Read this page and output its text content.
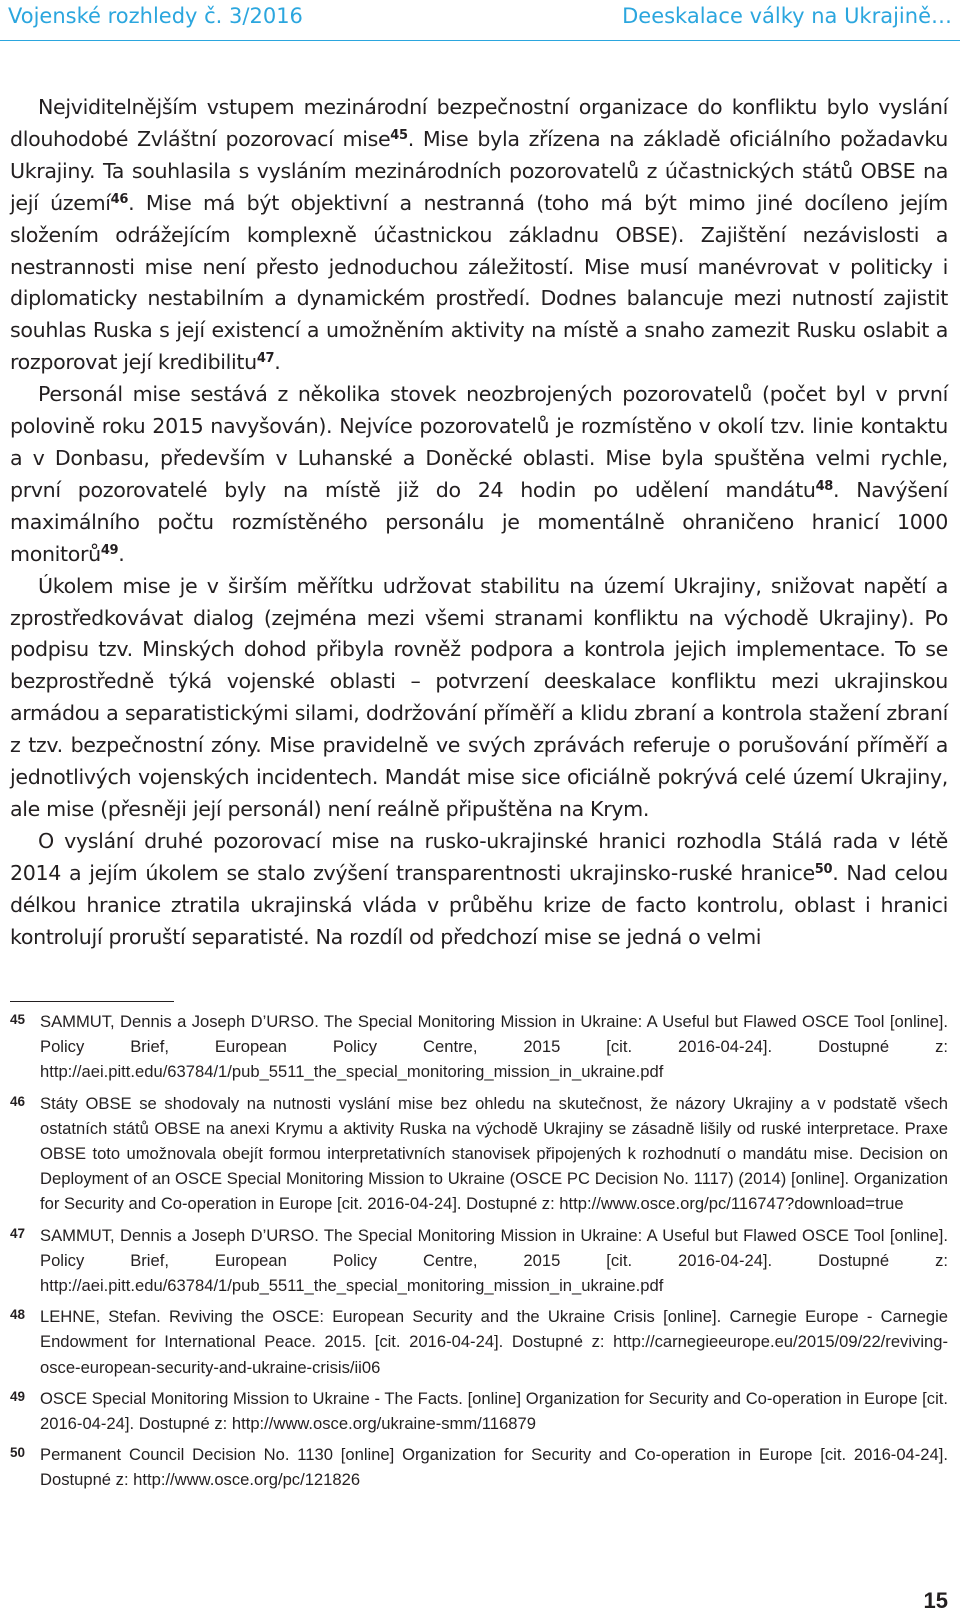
Vojenské rozhledy č. 3/2016	Deeskalace války na Ukrajině…

Nejviditelnějším vstupem mezinárodní bezpečnostní organizace do konfliktu bylo vyslání dlouhodobé Zvláštní pozorovací mise$^{45}$. Mise byla zřízena na základě oficiálního požadavku Ukrajiny. Ta souhlasila s vysláním mezinárodních pozorovatelů z účastnických států OBSE na její území$^{46}$. Mise má být objektivní a nestranná (toho má být mimo jiné docíleno jejím složením odrážejícím komplexně účastnickou základnu OBSE). Zajištění nezávislosti a nestrannosti mise není přesto jednoduchou záležitostí. Mise musí manévrovat v politicky i diplomaticky nestabilním a dynamickém prostředí. Dodnes balancuje mezi nutností zajistit souhlas Ruska s její existencí a umožněním aktivity na místě a snaho zamezit Rusku oslabit a rozporovat její kredibilitu$^{47}$.

Personál mise sestává z několika stovek neozbrojených pozorovatelů (počet byl v první polovině roku 2015 navyšován). Nejvíce pozorovatelů je rozmístěno v okolí tzv. linie kontaktu a v Donbasu, především v Luhanské a Doněcké oblasti. Mise byla spuštěna velmi rychle, první pozorovatelé byly na místě již do 24 hodin po udělení mandátu$^{48}$. Navýšení maximálního počtu rozmístěného personálu je momentálně ohraničeno hranicí 1000 monitorů$^{49}$.

Úkolem mise je v širším měřítku udržovat stabilitu na území Ukrajiny, snižovat napětí a zprostředkovávat dialog (zejména mezi všemi stranami konfliktu na východě Ukrajiny). Po podpisu tzv. Minských dohod přibyla rovněž podpora a kontrola jejich implementace. To se bezprostředně týká vojenské oblasti – potvrzení deeskalace konfliktu mezi ukrajinskou armádou a separatistickými silami, dodržování příměří a klidu zbraní a kontrola stažení zbraní z tzv. bezpečnostní zóny. Mise pravidelně ve svých zprávách referuje o porušování příměří a jednotlivých vojenských incidentech. Mandát mise sice oficiálně pokrývá celé území Ukrajiny, ale mise (přesněji její personál) není reálně připuštěna na Krym.

O vyslání druhé pozorovací mise na rusko-ukrajinské hranici rozhodla Stálá rada v létě 2014 a jejím úkolem se stalo zvýšení transparentnosti ukrajinsko-ruské hranice$^{50}$. Nad celou délkou hranice ztratila ukrajinská vláda v průběhu krize de facto kontrolu, oblast i hranici kontrolují proruští separatisté. Na rozdíl od předchozí mise se jedná o velmi

45 SAMMUT, Dennis a Joseph D’URSO. The Special Monitoring Mission in Ukraine: A Useful but Flawed OSCE Tool [online]. Policy Brief, European Policy Centre, 2015 [cit. 2016-04-24]. Dostupné z: http://aei.pitt.edu/63784/1/pub_5511_the_special_monitoring_mission_in_ukraine.pdf
46 Státy OBSE se shodovaly na nutnosti vyslání mise bez ohledu na skutečnost, že názory Ukrajiny a v podstatě všech ostatních států OBSE na anexi Krymu a aktivity Ruska na východě Ukrajiny se zásadně lišily od ruské interpretace. Praxe OBSE toto umožnovala obejít formou interpretativních stanovisek připojených k rozhodnutí o mandátu mise. Decision on Deployment of an OSCE Special Monitoring Mission to Ukraine (OSCE PC Decision No. 1117) (2014) [online]. Organization for Security and Co-operation in Europe [cit. 2016-04-24]. Dostupné z: http://www.osce.org/pc/116747?download=true
47 SAMMUT, Dennis a Joseph D’URSO. The Special Monitoring Mission in Ukraine: A Useful but Flawed OSCE Tool [online]. Policy Brief, European Policy Centre, 2015 [cit. 2016-04-24]. Dostupné z: http://aei.pitt.edu/63784/1/pub_5511_the_special_monitoring_mission_in_ukraine.pdf
48 LEHNE, Stefan. Reviving the OSCE: European Security and the Ukraine Crisis [online]. Carnegie Europe - Carnegie Endowment for International Peace. 2015. [cit. 2016-04-24]. Dostupné z: http://carnegieeurope.eu/2015/09/22/reviving-osce-european-security-and-ukraine-crisis/ii06
49 OSCE Special Monitoring Mission to Ukraine - The Facts. [online] Organization for Security and Co-operation in Europe [cit. 2016-04-24]. Dostupné z: http://www.osce.org/ukraine-smm/116879
50 Permanent Council Decision No. 1130 [online] Organization for Security and Co-operation in Europe [cit. 2016-04-24]. Dostupné z: http://www.osce.org/pc/121826
15
